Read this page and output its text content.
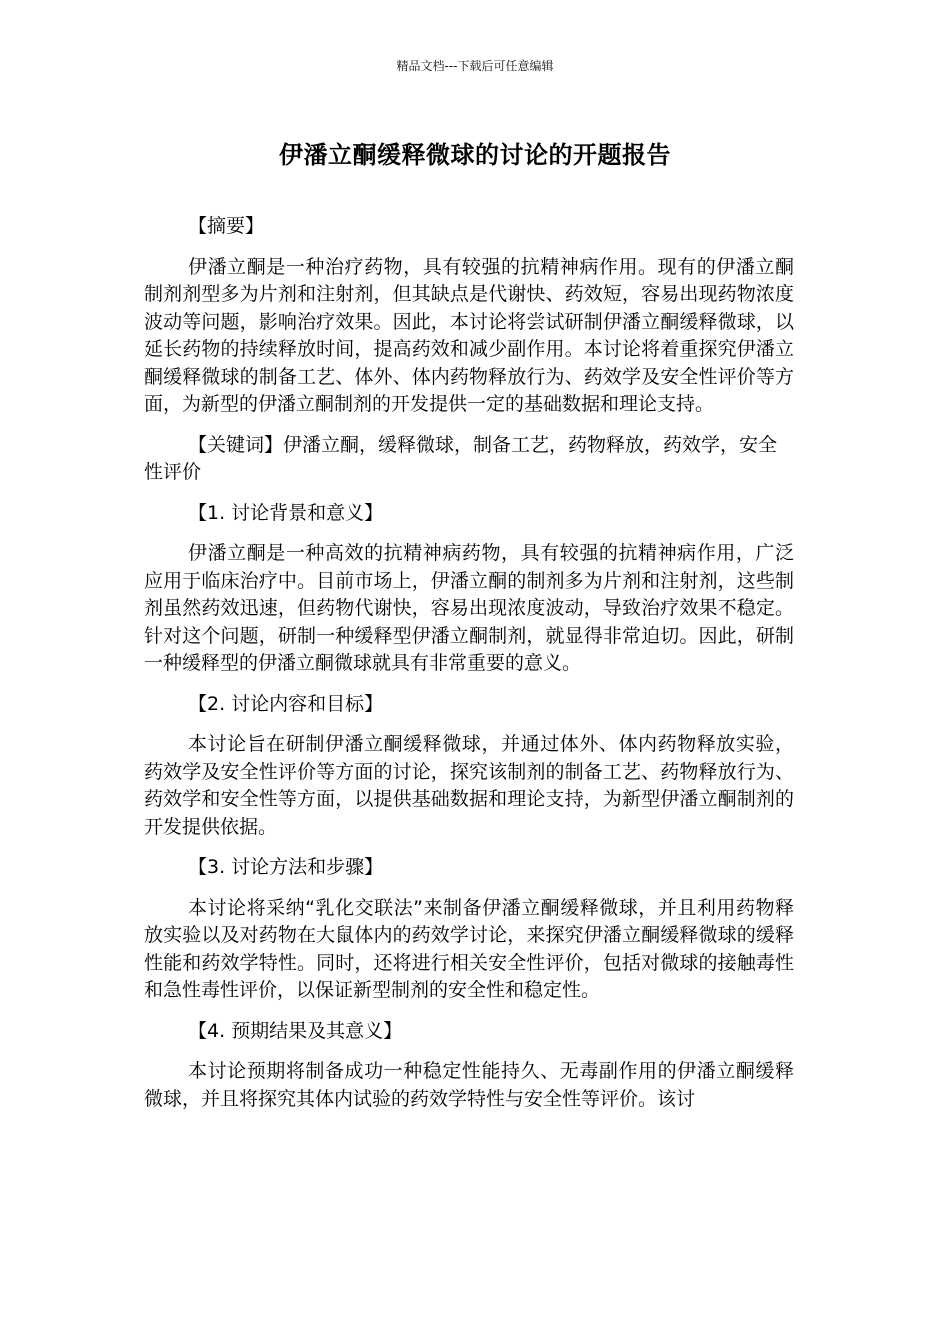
精品文档---下载后可任意编辑
伊潘立酮缓释微球的讨论的开题报告
【摘要】
伊潘立酮是一种治疗药物，具有较强的抗精神病作用。现有的伊潘立酮制剂剂型多为片剂和注射剂，但其缺点是代谢快、药效短，容易出现药物浓度波动等问题，影响治疗效果。因此，本讨论将尝试研制伊潘立酮缓释微球，以延长药物的持续释放时间，提高药效和减少副作用。本讨论将着重探究伊潘立酮缓释微球的制备工艺、体外、体内药物释放行为、药效学及安全性评价等方面，为新型的伊潘立酮制剂的开发提供一定的基础数据和理论支持。
【关键词】伊潘立酮，缓释微球，制备工艺，药物释放，药效学，安全性评价
【1. 讨论背景和意义】
伊潘立酮是一种高效的抗精神病药物，具有较强的抗精神病作用，广泛应用于临床治疗中。目前市场上，伊潘立酮的制剂多为片剂和注射剂，这些制剂虽然药效迅速，但药物代谢快，容易出现浓度波动，导致治疗效果不稳定。针对这个问题，研制一种缓释型伊潘立酮制剂，就显得非常迫切。因此，研制一种缓释型的伊潘立酮微球就具有非常重要的意义。
【2. 讨论内容和目标】
本讨论旨在研制伊潘立酮缓释微球，并通过体外、体内药物释放实验，药效学及安全性评价等方面的讨论，探究该制剂的制备工艺、药物释放行为、药效学和安全性等方面，以提供基础数据和理论支持，为新型伊潘立酮制剂的开发提供依据。
【3. 讨论方法和步骤】
本讨论将采纳“乳化交联法”来制备伊潘立酮缓释微球，并且利用药物释放实验以及对药物在大鼠体内的药效学讨论，来探究伊潘立酮缓释微球的缓释性能和药效学特性。同时，还将进行相关安全性评价，包括对微球的接触毒性和急性毒性评价，以保证新型制剂的安全性和稳定性。
【4. 预期结果及其意义】
本讨论预期将制备成功一种稳定性能持久、无毒副作用的伊潘立酮缓释微球，并且将探究其体内试验的药效学特性与安全性等评价。该讨
